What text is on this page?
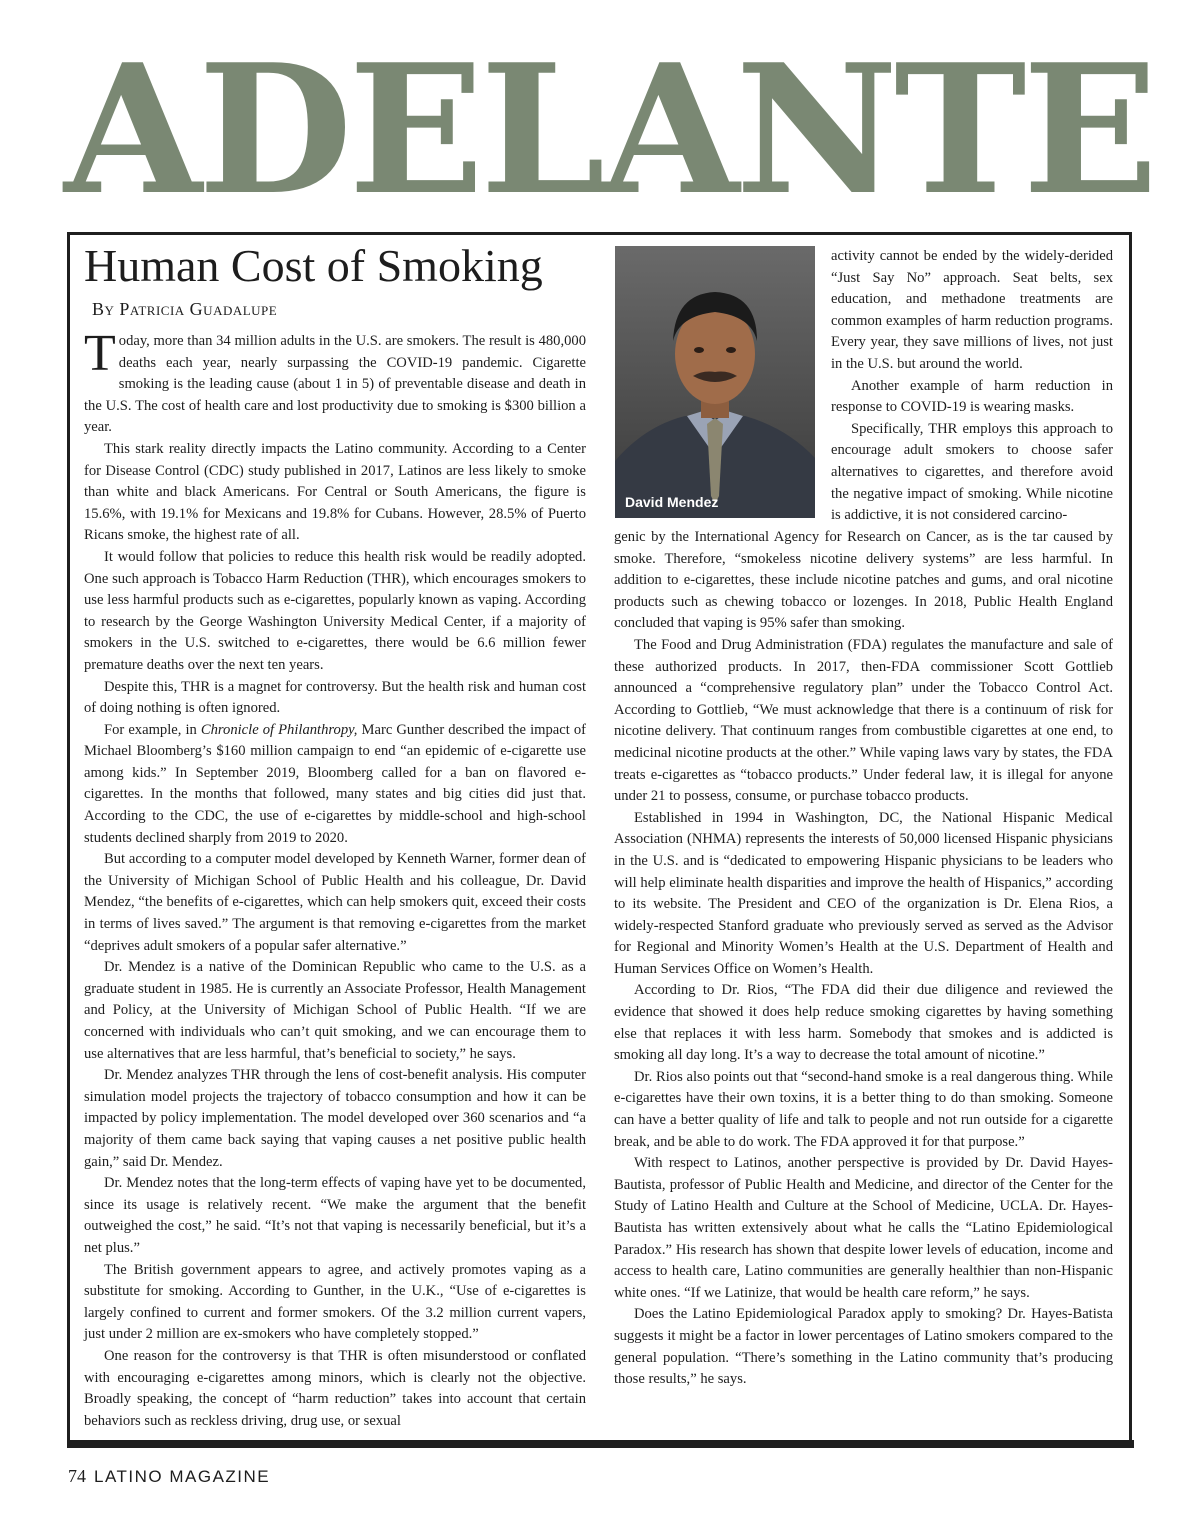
ADELANTE
Human Cost of Smoking
By Patricia Guadalupe

Today, more than 34 million adults in the U.S. are smokers. The result is 480,000 deaths each year, nearly surpassing the COVID-19 pandemic. Cigarette smoking is the leading cause (about 1 in 5) of preventable disease and death in the U.S. The cost of health care and lost productivity due to smoking is $300 billion a year.

This stark reality directly impacts the Latino community. According to a Center for Disease Control (CDC) study published in 2017, Latinos are less likely to smoke than white and black Americans. For Central or South Americans, the figure is 15.6%, with 19.1% for Mexicans and 19.8% for Cubans. However, 28.5% of Puerto Ricans smoke, the highest rate of all.

It would follow that policies to reduce this health risk would be readily adopted. One such approach is Tobacco Harm Reduction (THR), which encourages smokers to use less harmful products such as e-cigarettes, popularly known as vaping. According to research by the George Washington University Medical Center, if a majority of smokers in the U.S. switched to e-cigarettes, there would be 6.6 million fewer premature deaths over the next ten years.

Despite this, THR is a magnet for controversy. But the health risk and human cost of doing nothing is often ignored.

For example, in Chronicle of Philanthropy, Marc Gunther described the impact of Michael Bloomberg’s $160 million campaign to end “an epidemic of e-cigarette use among kids.” In September 2019, Bloomberg called for a ban on flavored e-cigarettes. In the months that followed, many states and big cities did just that. According to the CDC, the use of e-cigarettes by middle-school and high-school students declined sharply from 2019 to 2020.

But according to a computer model developed by Kenneth Warner, former dean of the University of Michigan School of Public Health and his colleague, Dr. David Mendez, “the benefits of e-cigarettes, which can help smokers quit, exceed their costs in terms of lives saved.” The argument is that removing e-cigarettes from the market “deprives adult smokers of a popular safer alternative.”

Dr. Mendez is a native of the Dominican Republic who came to the U.S. as a graduate student in 1985. He is currently an Associate Professor, Health Management and Policy, at the University of Michigan School of Public Health. “If we are concerned with individuals who can’t quit smoking, and we can encourage them to use alternatives that are less harmful, that’s beneficial to society,” he says.

Dr. Mendez analyzes THR through the lens of cost-benefit analysis. His computer simulation model projects the trajectory of tobacco consumption and how it can be impacted by policy implementation. The model developed over 360 scenarios and “a majority of them came back saying that vaping causes a net positive public health gain,” said Dr. Mendez.

Dr. Mendez notes that the long-term effects of vaping have yet to be documented, since its usage is relatively recent. “We make the argument that the benefit outweighed the cost,” he said. “It’s not that vaping is necessarily beneficial, but it’s a net plus.”

The British government appears to agree, and actively promotes vaping as a substitute for smoking. According to Gunther, in the U.K., “Use of e-cigarettes is largely confined to current and former smokers. Of the 3.2 million current vapers, just under 2 million are ex-smokers who have completely stopped.”

One reason for the controversy is that THR is often misunderstood or conflated with encouraging e-cigarettes among minors, which is clearly not the objective. Broadly speaking, the concept of “harm reduction” takes into account that certain behaviors such as reckless driving, drug use, or sexual

David Mendez

activity cannot be ended by the widely-derided “Just Say No” approach. Seat belts, sex education, and methadone treatments are common examples of harm reduction programs. Every year, they save millions of lives, not just in the U.S. but around the world.

Another example of harm reduction in response to COVID-19 is wearing masks.

Specifically, THR employs this approach to encourage adult smokers to choose safer alternatives to cigarettes, and therefore avoid the negative impact of smoking. While nicotine is addictive, it is not considered carcino-

genic by the International Agency for Research on Cancer, as is the tar caused by smoke. Therefore, “smokeless nicotine delivery systems” are less harmful. In addition to e-cigarettes, these include nicotine patches and gums, and oral nicotine products such as chewing tobacco or lozenges. In 2018, Public Health England concluded that vaping is 95% safer than smoking.

The Food and Drug Administration (FDA) regulates the manufacture and sale of these authorized products. In 2017, then-FDA commissioner Scott Gottlieb announced a “comprehensive regulatory plan” under the Tobacco Control Act. According to Gottlieb, “We must acknowledge that there is a continuum of risk for nicotine delivery. That continuum ranges from combustible cigarettes at one end, to medicinal nicotine products at the other.” While vaping laws vary by states, the FDA treats e-cigarettes as “tobacco products.” Under federal law, it is illegal for anyone under 21 to possess, consume, or purchase tobacco products.

Established in 1994 in Washington, DC, the National Hispanic Medical Association (NHMA) represents the interests of 50,000 licensed Hispanic physicians in the U.S. and is “dedicated to empowering Hispanic physicians to be leaders who will help eliminate health disparities and improve the health of Hispanics,” according to its website. The President and CEO of the organization is Dr. Elena Rios, a widely-respected Stanford graduate who previously served as served as the Advisor for Regional and Minority Women’s Health at the U.S. Department of Health and Human Services Office on Women’s Health.

According to Dr. Rios, “The FDA did their due diligence and reviewed the evidence that showed it does help reduce smoking cigarettes by having something else that replaces it with less harm. Somebody that smokes and is addicted is smoking all day long. It’s a way to decrease the total amount of nicotine.”

Dr. Rios also points out that “second-hand smoke is a real dangerous thing. While e-cigarettes have their own toxins, it is a better thing to do than smoking. Someone can have a better quality of life and talk to people and not run outside for a cigarette break, and be able to do work. The FDA approved it for that purpose.”

With respect to Latinos, another perspective is provided by Dr. David Hayes-Bautista, professor of Public Health and Medicine, and director of the Center for the Study of Latino Health and Culture at the School of Medicine, UCLA. Dr. Hayes-Bautista has written extensively about what he calls the “Latino Epidemiological Paradox.” His research has shown that despite lower levels of education, income and access to health care, Latino communities are generally healthier than non-Hispanic white ones. “If we Latinize, that would be health care reform,” he says.

Does the Latino Epidemiological Paradox apply to smoking? Dr. Hayes-Batista suggests it might be a factor in lower percentages of Latino smokers compared to the general population. “There’s something in the Latino community that’s producing those results,” he says.

74 LATINO MAGAZINE
